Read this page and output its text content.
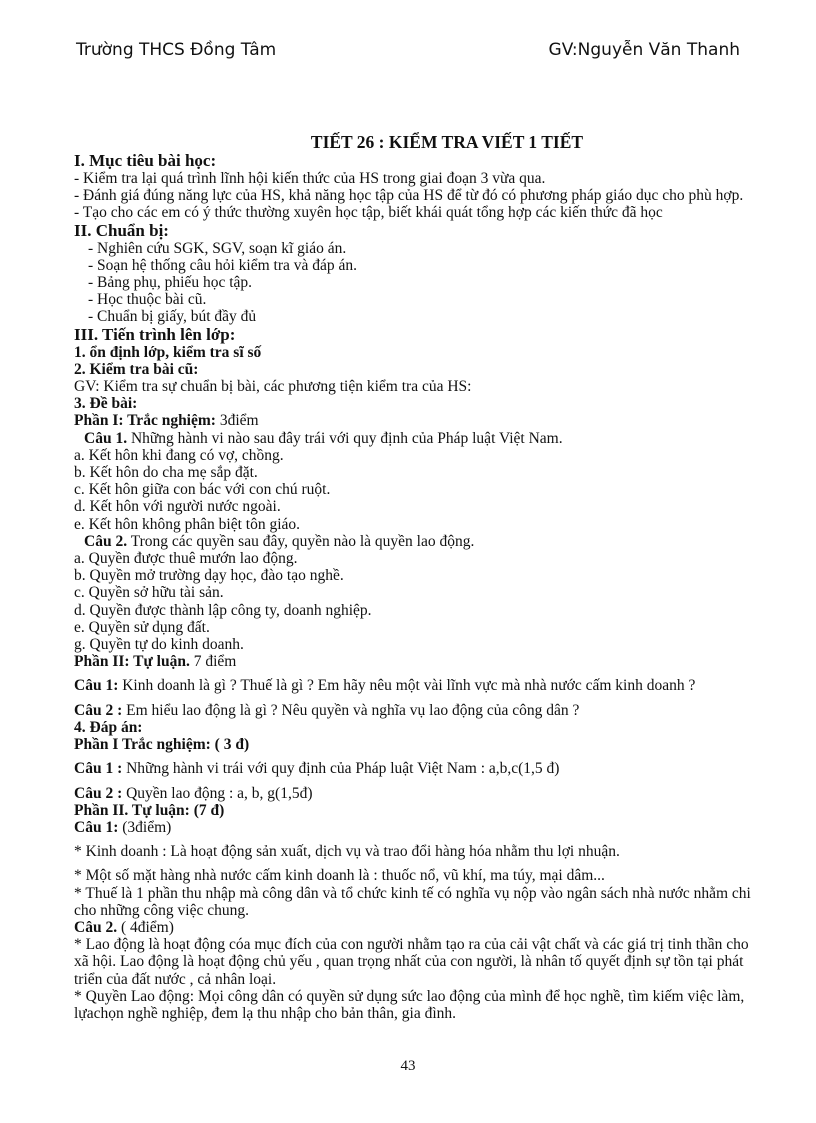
Trường THCS Đồng Tâm	GV:Nguyễn Văn Thanh
TIẾT 26 : KIỂM TRA VIẾT 1 TIẾT
I. Mục tiêu bài học:
- Kiểm tra lại quá trình lĩnh hội kiến thức của HS trong giai đoạn 3 vừa qua.
- Đánh giá đúng năng lực của HS, khả năng học tập của HS để từ đó có phương pháp giáo dục cho phù hợp.
- Tạo cho các em có ý thức thường xuyên học tập, biết khái quát tổng hợp các kiến thức đã học
II. Chuẩn bị:
- Nghiên cứu SGK, SGV, soạn kĩ giáo án.
- Soạn hệ thống câu hỏi kiểm tra và đáp án.
- Bảng phụ, phiếu học tập.
- Học thuộc bài cũ.
- Chuẩn bị giấy, bút đầy đủ
III. Tiến trình lên lớp:
1. ổn định lớp, kiểm tra sĩ số
2. Kiểm tra bài cũ:
GV: Kiểm tra sự chuẩn bị bài, các phương tiện kiểm tra của HS:
3. Đề bài:
Phần I: Trắc nghiệm: 3điểm
Câu 1. Những hành vi nào sau đây trái với quy định của Pháp luật Việt Nam.
a. Kết hôn khi đang có vợ, chồng.
b. Kết hôn do cha mẹ sắp đặt.
c. Kết hôn giữa con bác với con chú ruột.
d. Kết hôn với người nước ngoài.
e. Kết hôn không phân biệt tôn giáo.
Câu 2. Trong các quyền sau đây, quyền nào là quyền lao động.
a. Quyền được thuê mướn lao động.
b. Quyền mở trường dạy học, đào tạo nghề.
c. Quyền sở hữu tài sản.
d. Quyền được thành lập công ty, doanh nghiệp.
e. Quyền sử dụng đất.
g. Quyền tự do kinh doanh.
Phần II: Tự luận. 7 điểm
Câu 1: Kinh doanh là gì ? Thuế là gì ? Em hãy nêu một vài lĩnh vực mà nhà nước cấm kinh doanh ?
Câu 2 : Em hiểu lao động là gì ? Nêu quyền và nghĩa vụ lao động của công dân ?
4. Đáp án:
Phần I Trắc nghiệm: ( 3 đ)
Câu 1 : Những hành vi trái với quy định của Pháp luật Việt Nam : a,b,c(1,5 đ)
Câu 2 : Quyền lao động : a, b, g(1,5đ)
Phần II. Tự luận: (7 đ)
Câu 1: (3điểm)
* Kinh doanh : Là hoạt động sản xuất, dịch vụ và trao đổi hàng hóa nhằm thu lợi nhuận.
* Một số mặt hàng nhà nước cấm kinh doanh là : thuốc nổ, vũ khí, ma túy, mại dâm...
* Thuế là 1 phần thu nhập mà công dân và tổ chức kinh tế có nghĩa vụ nộp vào ngân sách nhà nước nhằm chi cho những công việc chung.
Câu 2. ( 4điểm)
* Lao động là hoạt động cóa mục đích của con người nhằm tạo ra của cải vật chất và các giá trị tinh thần cho xã hội. Lao động là hoạt động chủ yếu , quan trọng nhất của con người, là nhân tố quyết định sự tồn tại phát triển của đất nước , cả nhân loại.
* Quyền Lao động: Mọi công dân có quyền sử dụng sức lao động của mình để học nghề, tìm kiếm việc làm, lựachọn nghề nghiệp, đem lạ thu nhập cho bản thân, gia đình.
43
